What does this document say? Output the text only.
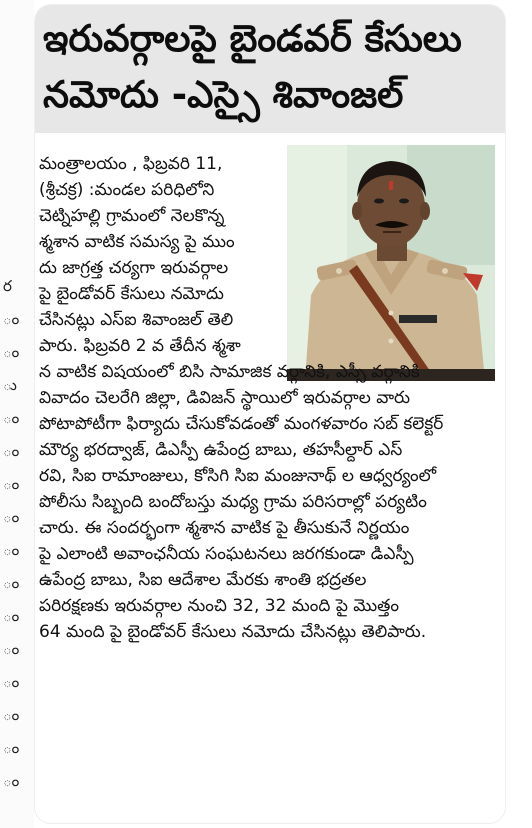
ర
ం
ం
ు
ం
ం
ం
ం
ం
ం
ం
ం
ం
ం
ం
ం
ఇరువర్గాలపై బైండవర్ కేసులు
నమోదు -ఎస్సై శివాంజల్
మంత్రాలయం , ఫిబ్రవరి 11,
(శ్రీచక్ర) :మండల పరిధిలోని
చెట్నిహల్లి గ్రామంలో నెలకొన్న
శ్మశాన వాటిక సమస్య పై ముం
దు జాగ్రత్త చర్యగా ఇరువర్గాల
పై బైండోవర్ కేసులు నమోదు
చేసినట్లు ఎస్ఐ శివాంజల్ తెలి
పారు. ఫిబ్రవరి 2 వ తేదీన శ్మశా
న వాటిక విషయంలో బిసి సామాజిక వర్గానికి, ఎస్సీ వర్గానికి
వివాదం చెలరేగి జిల్లా, డివిజన్ స్థాయిలో ఇరువర్గాల వారు
పోటాపోటీగా ఫిర్యాదు చేసుకోవడంతో మంగళవారం సబ్ కలెక్టర్
మౌర్య భరద్వాజ్, డిఎస్పీ ఉపేంద్ర బాబు, తహసీల్దార్ ఎస్
రవి, సిఐ రామాంజులు, కోసిగి సిఐ మంజునాథ్ ల ఆధ్వర్యంలో
పోలీసు సిబ్బంది బందోబస్తు మధ్య గ్రామ పరిసరాల్లో పర్యటిం
చారు. ఈ సందర్భంగా శ్మశాన వాటిక పై తీసుకునే నిర్ణయం
పై ఎలాంటి అవాంఛనీయ సంఘటనలు జరగకుండా డిఎస్పీ
ఉపేంద్ర బాబు, సిఐ ఆదేశాల మేరకు శాంతి భద్రతల
పరిరక్షణకు ఇరువర్గాల నుంచి 32, 32 మంది పై మొత్తం
64 మంది పై బైండోవర్ కేసులు నమోదు చేసినట్లు తెలిపారు.
